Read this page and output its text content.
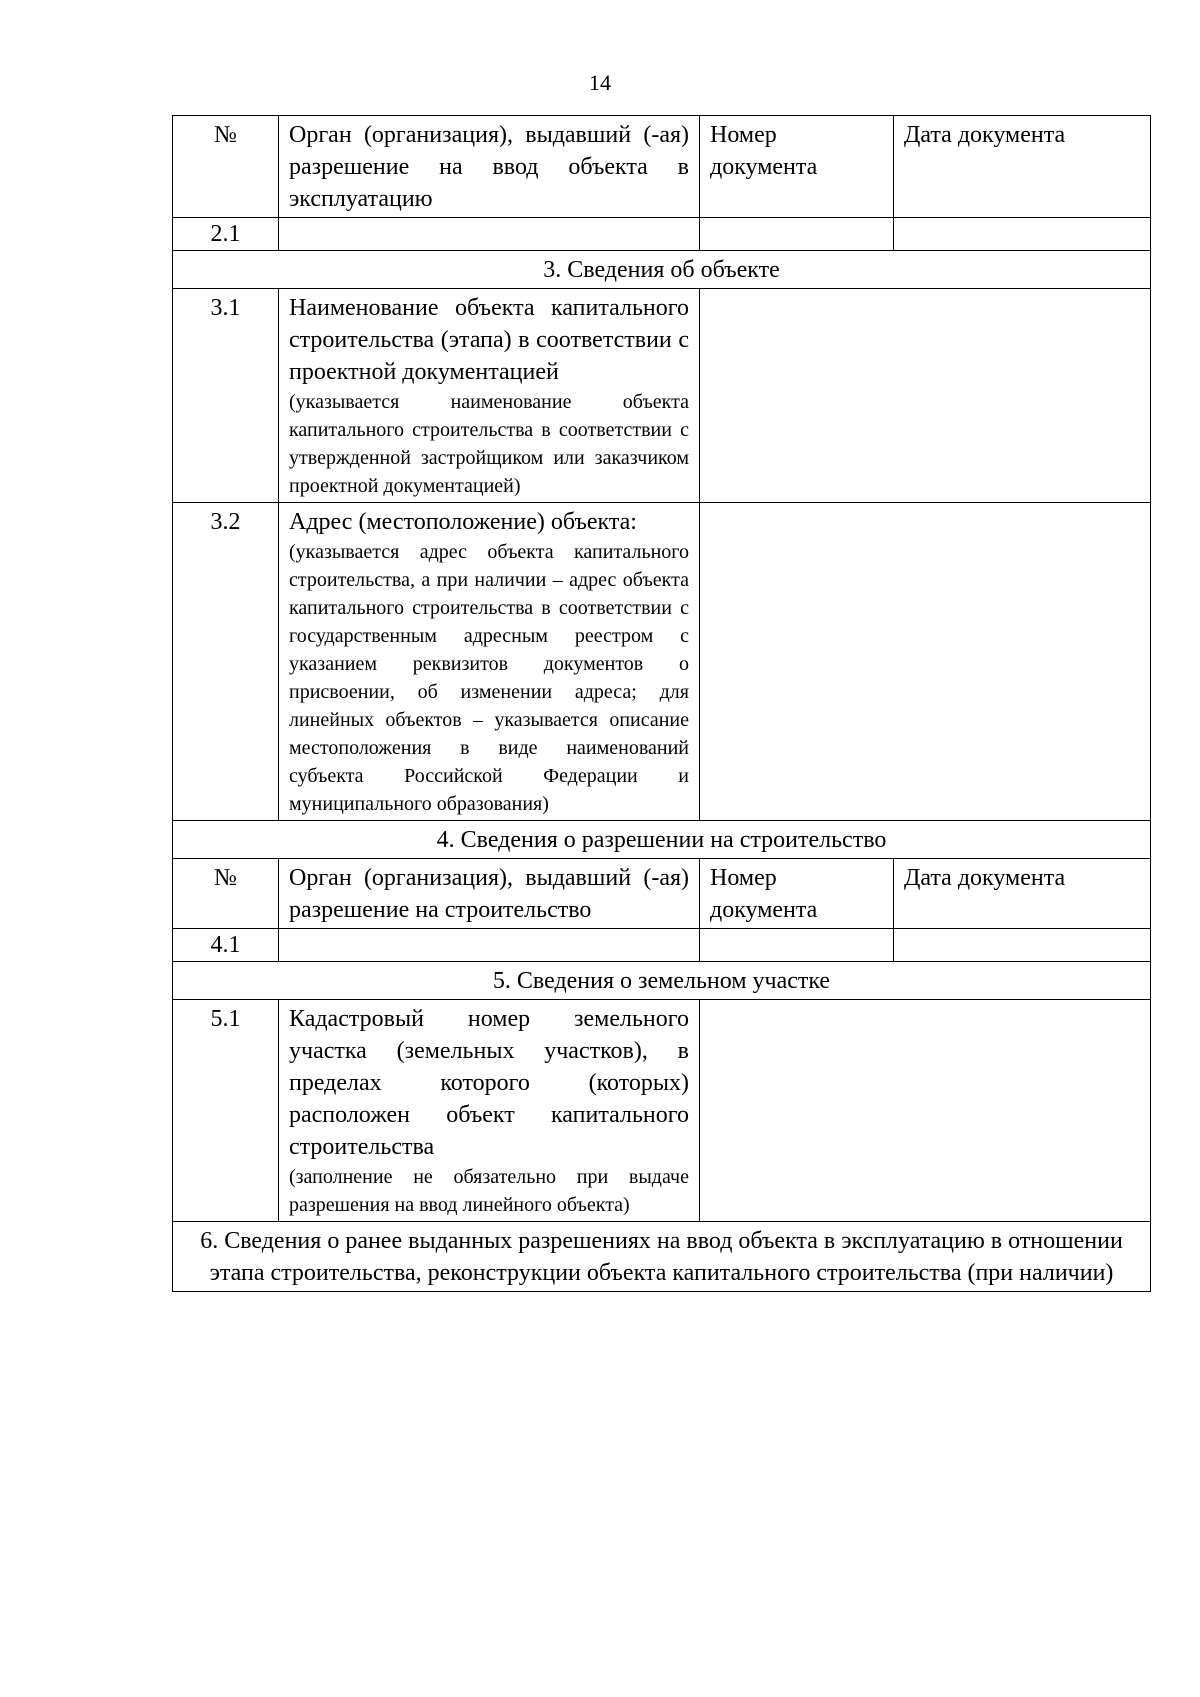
14
№	Орган (организация), выдавший (-ая) разрешение на ввод объекта в эксплуатацию	Номер документа	Дата документа
2.1			
3. Сведения об объекте			
3.1	Наименование объекта капитального строительства (этапа) в соответствии с проектной документацией
(указывается наименование объекта капитального строительства в соответствии с утвержденной застройщиком или заказчиком проектной документацией)		

3.2	Адрес (местоположение) объекта:
(указывается адрес объекта капитального строительства, а при наличии – адрес объекта капитального строительства в соответствии с государственным адресным реестром с указанием реквизитов документов о присвоении, об изменении адреса; для линейных объектов – указывается описание местоположения в виде наименований субъекта Российской Федерации и муниципального образования)		

4. Сведения о разрешении на строительство			
№	Орган (организация), выдавший (-ая) разрешение на строительство	Номер документа	Дата документа
4.1			
5. Сведения о земельном участке			
5.1	Кадастровый номер земельного участка (земельных участков), в пределах которого (которых) расположен объект капитального строительства
(заполнение не обязательно при выдаче разрешения на ввод линейного объекта)		

6. Сведения о ранее выданных разрешениях на ввод объекта в эксплуатацию в отношении этапа строительства, реконструкции объекта капитального строительства (при наличии)			
